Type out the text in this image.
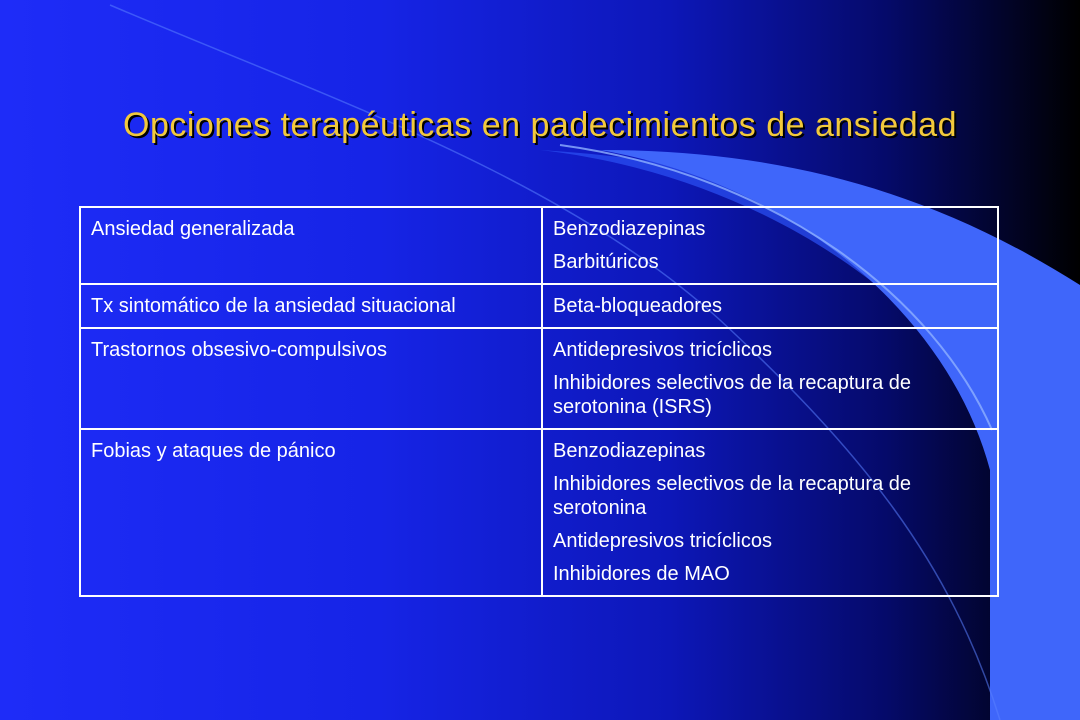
Opciones terapéuticas en padecimientos de ansiedad
Ansiedad generalizada	Benzodiazepinas
Barbitúricos

Tx sintomático de la ansiedad situacional	Beta-bloqueadores

Trastornos obsesivo-compulsivos	Antidepresivos tricíclicos
Inhibidores selectivos de la recaptura de serotonina (ISRS)

Fobias y ataques de pánico	Benzodiazepinas
Inhibidores selectivos de la recaptura de serotonina
Antidepresivos tricíclicos
Inhibidores de MAO
